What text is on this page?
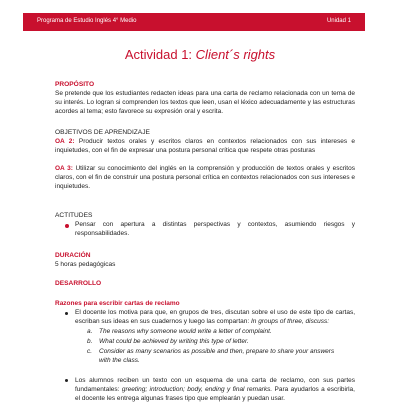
Programa de Estudio Inglés 4° Medio	Unidad 1
Actividad 1: Client´s rights
PROPÓSITO

Se pretende que los estudiantes redacten ideas para una carta de reclamo relacionada con un tema de su interés. Lo logran si comprenden los textos que leen, usan el léxico adecuadamente y las estructuras acordes al tema; esto favorece su expresión oral y escrita.

OBJETIVOS DE APRENDIZAJE

OA 2: Producir textos orales y escritos claros en contextos relacionados con sus intereses e inquietudes, con el fin de expresar una postura personal crítica que respete otras posturas

OA 3: Utilizar su conocimiento del inglés en la comprensión y producción de textos orales y escritos claros, con el fin de construir una postura personal crítica en contextos relacionados con sus intereses e inquietudes.

ACTITUDES

Pensar con apertura a distintas perspectivas y contextos, asumiendo riesgos y responsabilidades.

DURACIÓN

5 horas pedagógicas

DESARROLLO
Razones para escribir cartas de reclamo

El docente los motiva para que, en grupos de tres, discutan sobre el uso de este tipo de cartas, escriban sus ideas en sus cuadernos y luego las compartan: In groups of three, discuss:

a. The reasons why someone would write a letter of complaint.
b. What could be achieved by writing this type of letter.
c. Consider as many scenarios as possible and then, prepare to share your answers with the class.

Los alumnos reciben un texto con un esquema de una carta de reclamo, con sus partes fundamentales: greeting; introduction; body, ending y final remarks. Para ayudarlos a escribirla, el docente les entrega algunas frases tipo que emplearán y puedan usar.
